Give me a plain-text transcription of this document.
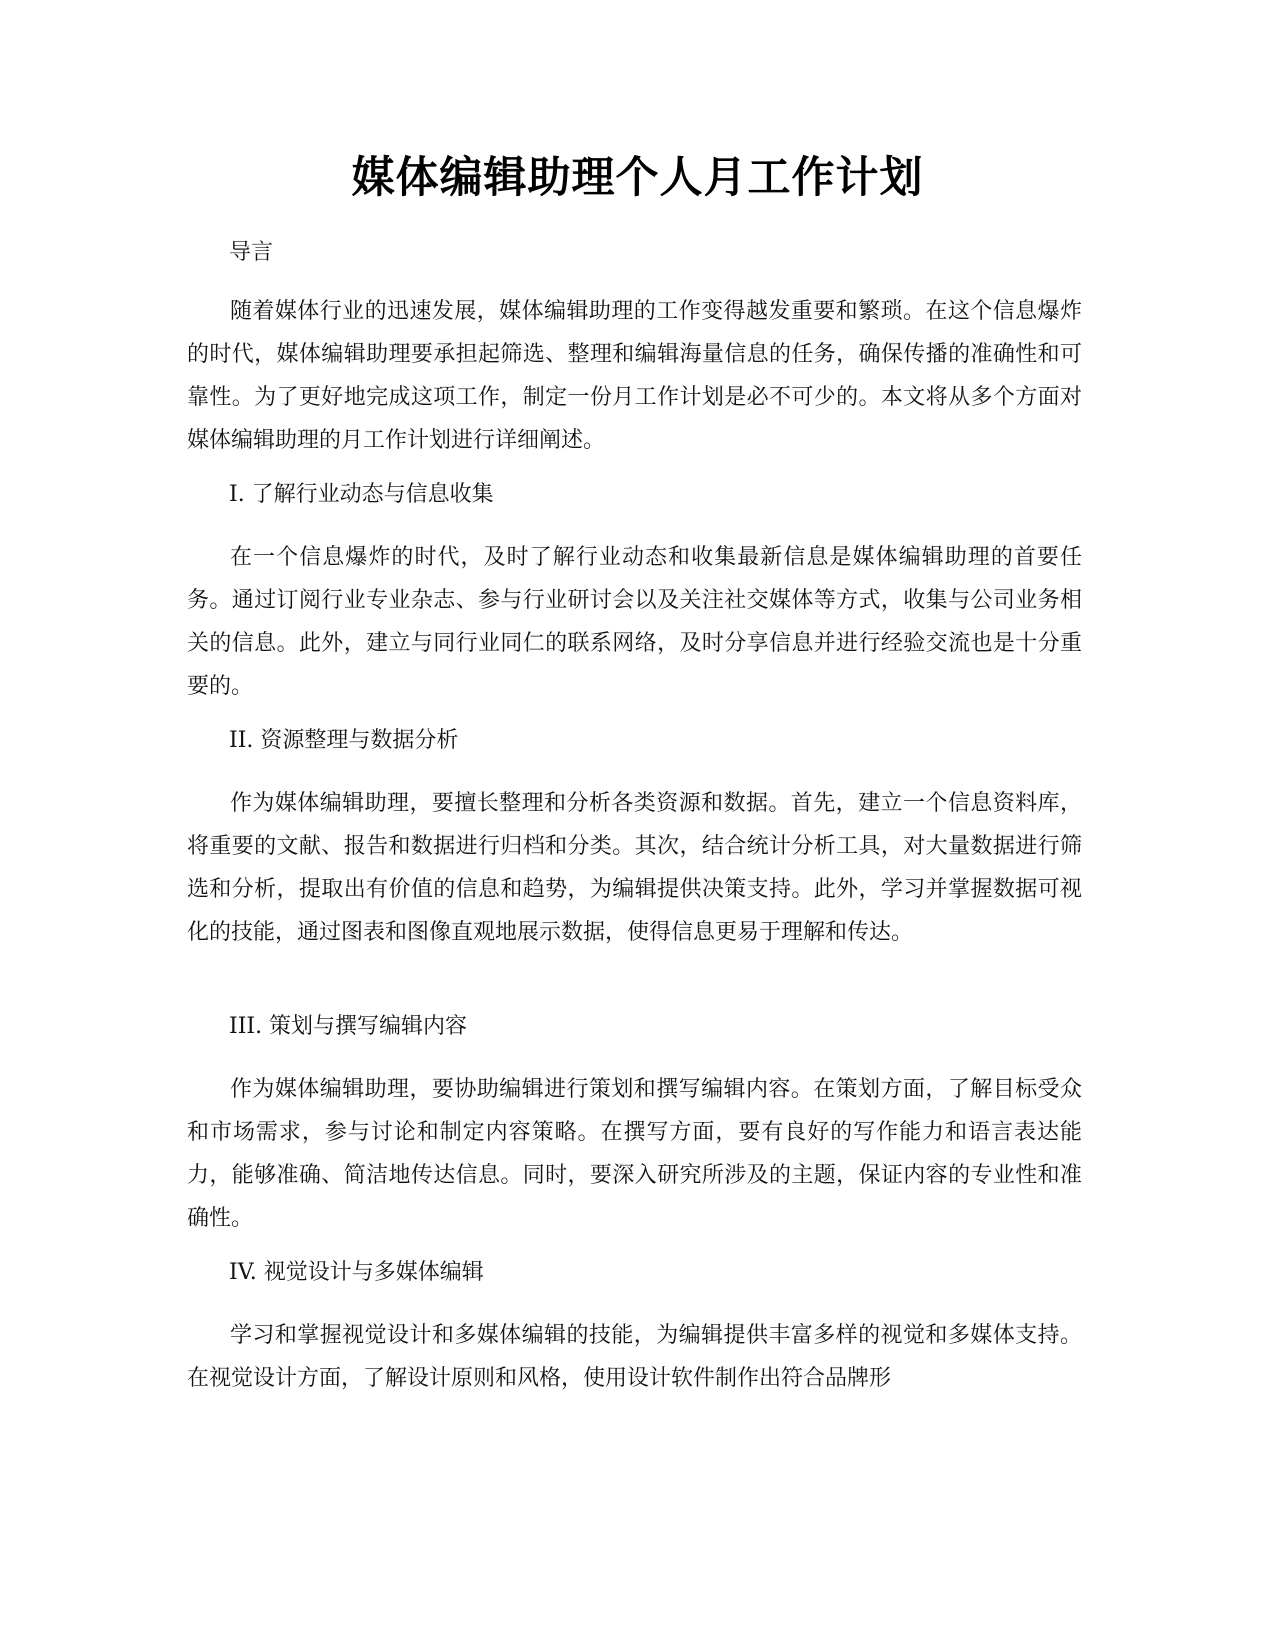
媒体编辑助理个人月工作计划
导言

随着媒体行业的迅速发展，媒体编辑助理的工作变得越发重要和繁琐。在这个信息爆炸的时代，媒体编辑助理要承担起筛选、整理和编辑海量信息的任务，确保传播的准确性和可靠性。为了更好地完成这项工作，制定一份月工作计划是必不可少的。本文将从多个方面对媒体编辑助理的月工作计划进行详细阐述。

I. 了解行业动态与信息收集

在一个信息爆炸的时代，及时了解行业动态和收集最新信息是媒体编辑助理的首要任务。通过订阅行业专业杂志、参与行业研讨会以及关注社交媒体等方式，收集与公司业务相关的信息。此外，建立与同行业同仁的联系网络，及时分享信息并进行经验交流也是十分重要的。

II. 资源整理与数据分析

作为媒体编辑助理，要擅长整理和分析各类资源和数据。首先，建立一个信息资料库，将重要的文献、报告和数据进行归档和分类。其次，结合统计分析工具，对大量数据进行筛选和分析，提取出有价值的信息和趋势，为编辑提供决策支持。此外，学习并掌握数据可视化的技能，通过图表和图像直观地展示数据，使得信息更易于理解和传达。

III. 策划与撰写编辑内容

作为媒体编辑助理，要协助编辑进行策划和撰写编辑内容。在策划方面，了解目标受众和市场需求，参与讨论和制定内容策略。在撰写方面，要有良好的写作能力和语言表达能力，能够准确、简洁地传达信息。同时，要深入研究所涉及的主题，保证内容的专业性和准确性。

IV. 视觉设计与多媒体编辑

学习和掌握视觉设计和多媒体编辑的技能，为编辑提供丰富多样的视觉和多媒体支持。在视觉设计方面，了解设计原则和风格，使用设计软件制作出符合品牌形
